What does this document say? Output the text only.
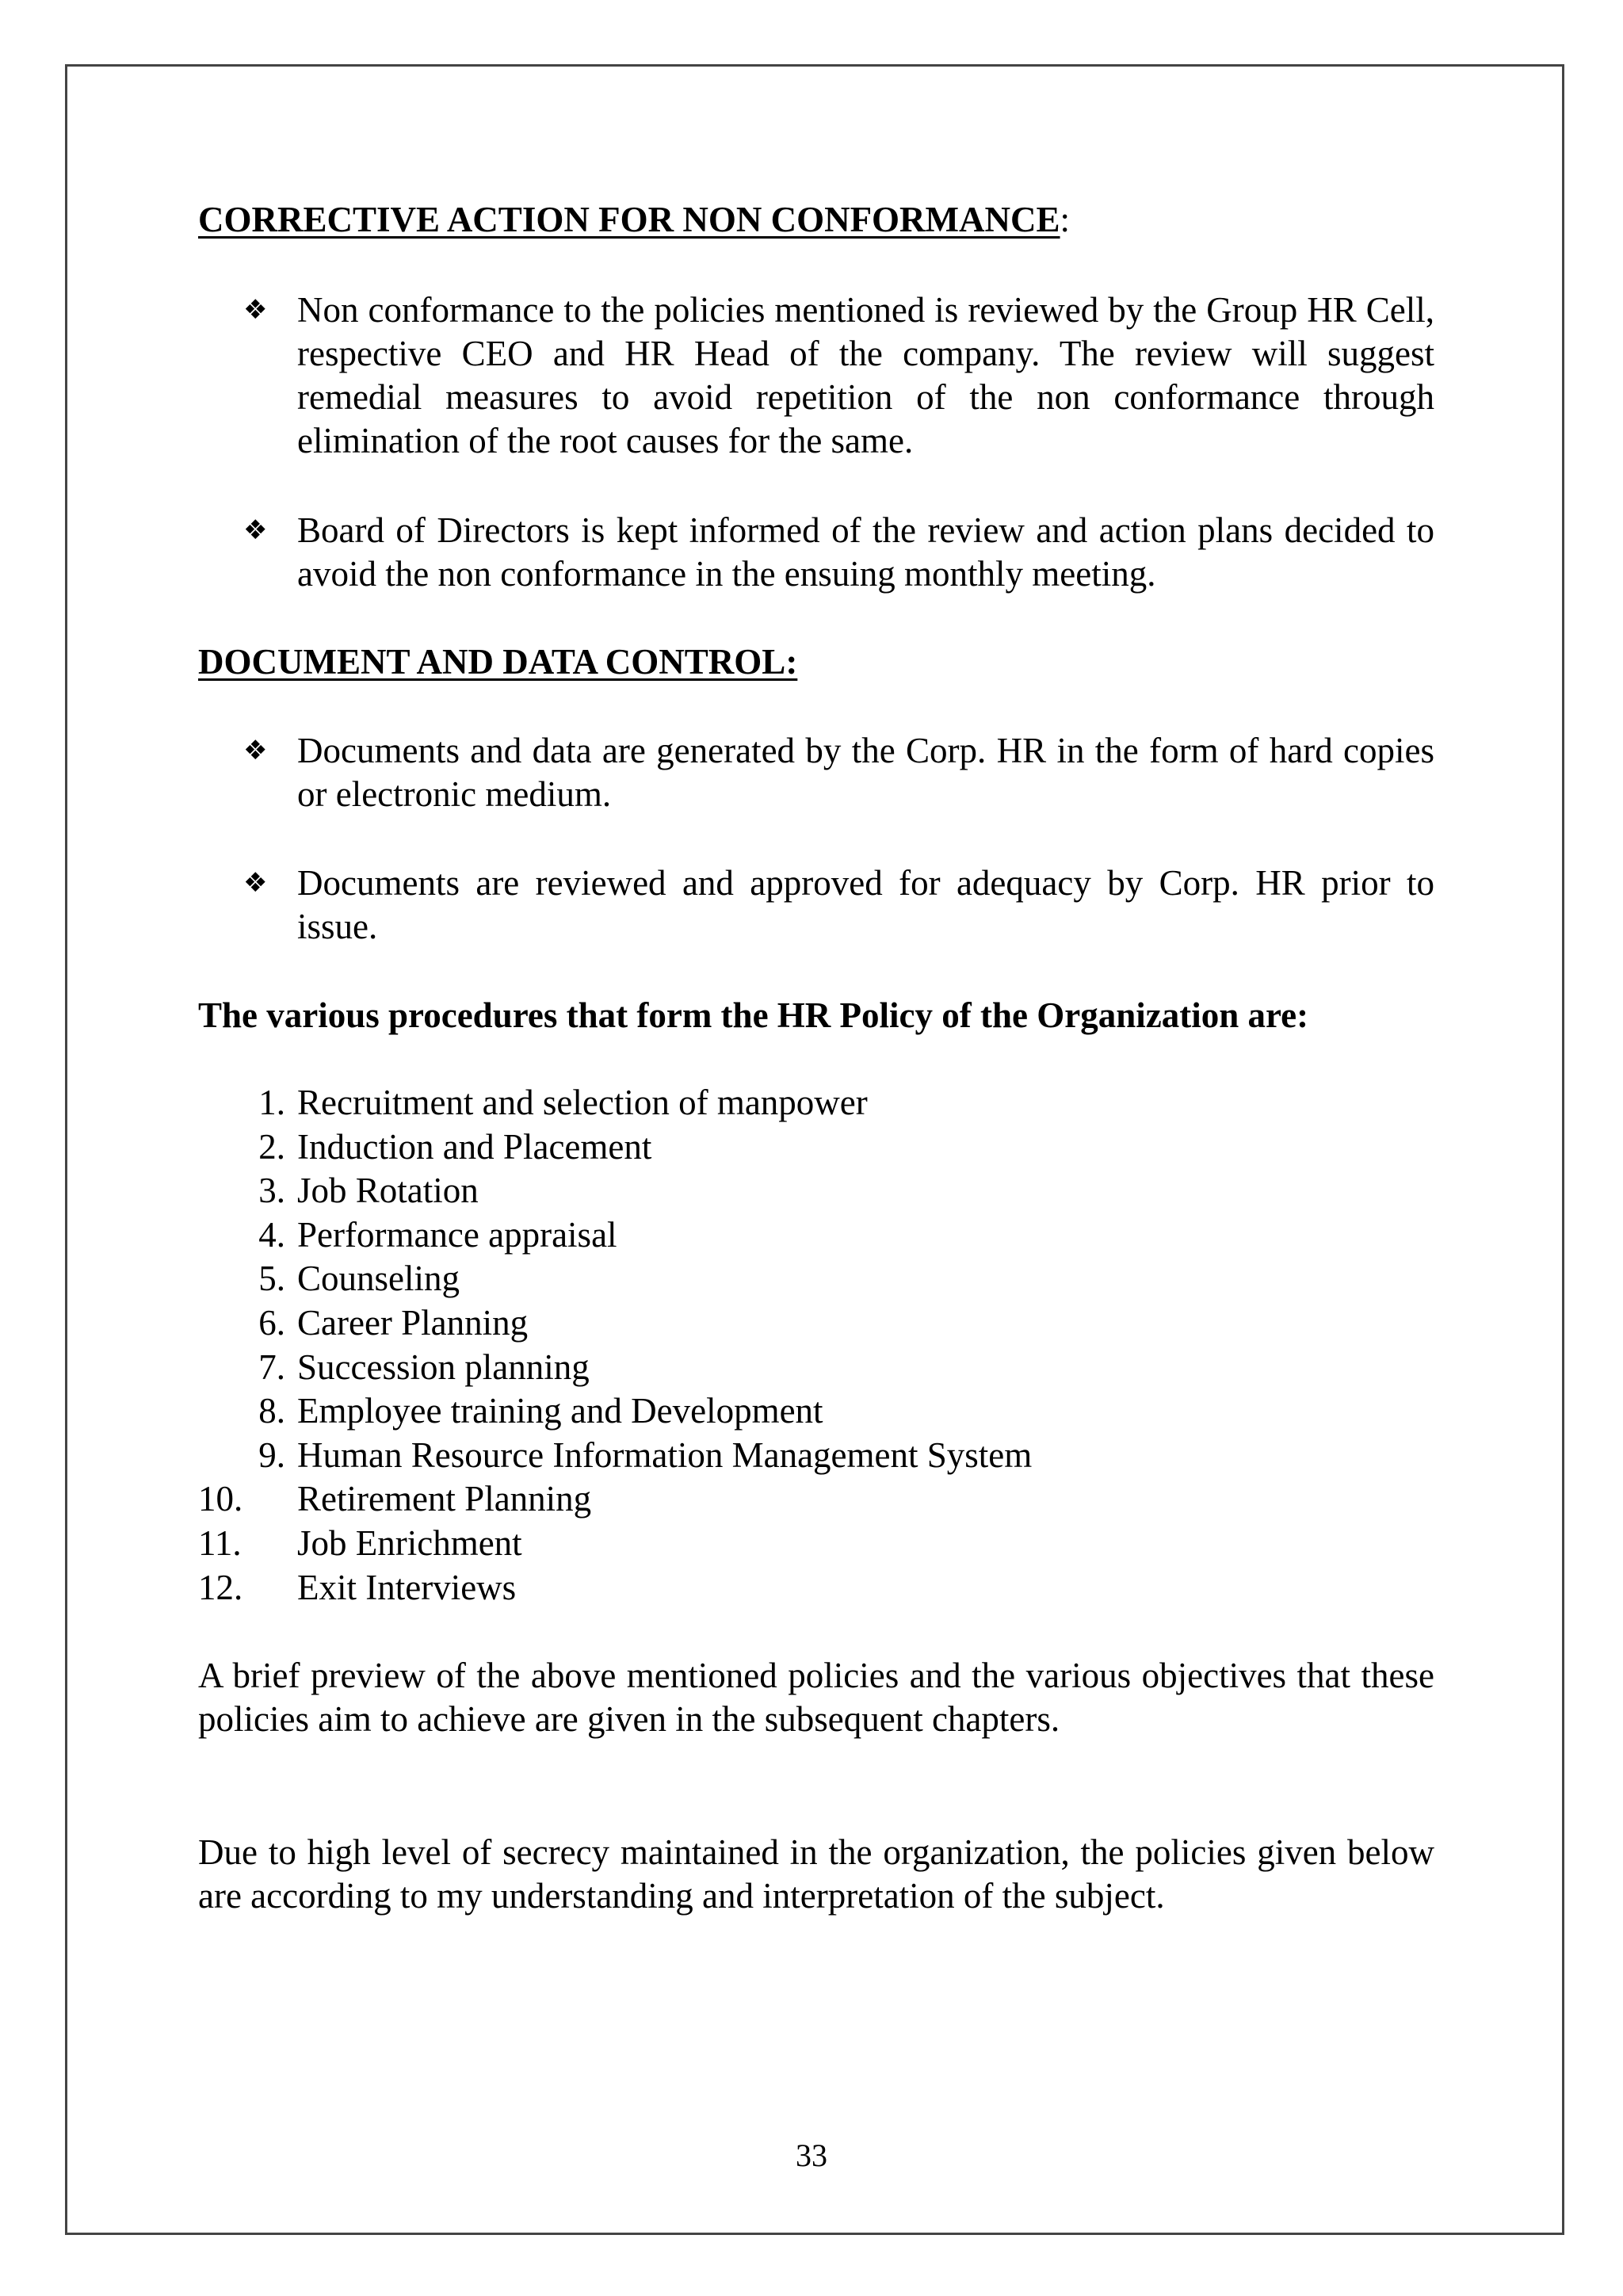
CORRECTIVE ACTION FOR NON CONFORMANCE:
❖ Non conformance to the policies mentioned is reviewed by the Group HR Cell, respective CEO and HR Head of the company. The review will suggest remedial measures to avoid repetition of the non conformance through elimination of the root causes for the same.
❖ Board of Directors is kept informed of the review and action plans decided to avoid the non conformance in the ensuing monthly meeting.
DOCUMENT AND DATA CONTROL:
❖ Documents and data are generated by the Corp. HR in the form of hard copies or electronic medium.
❖ Documents are reviewed and approved for adequacy by Corp. HR prior to issue.
The various procedures that form the HR Policy of the Organization are:
1. Recruitment and selection of manpower
2. Induction and Placement
3. Job Rotation
4. Performance appraisal
5. Counseling
6. Career Planning
7. Succession planning
8. Employee training and Development
9. Human Resource Information Management System
10.	Retirement Planning
11.	Job Enrichment
12.	Exit Interviews
A brief preview of the above mentioned policies and the various objectives that these policies aim to achieve are given in the subsequent chapters.
Due to high level of secrecy maintained in the organization, the policies given below are according to my understanding and interpretation of the subject.
33
